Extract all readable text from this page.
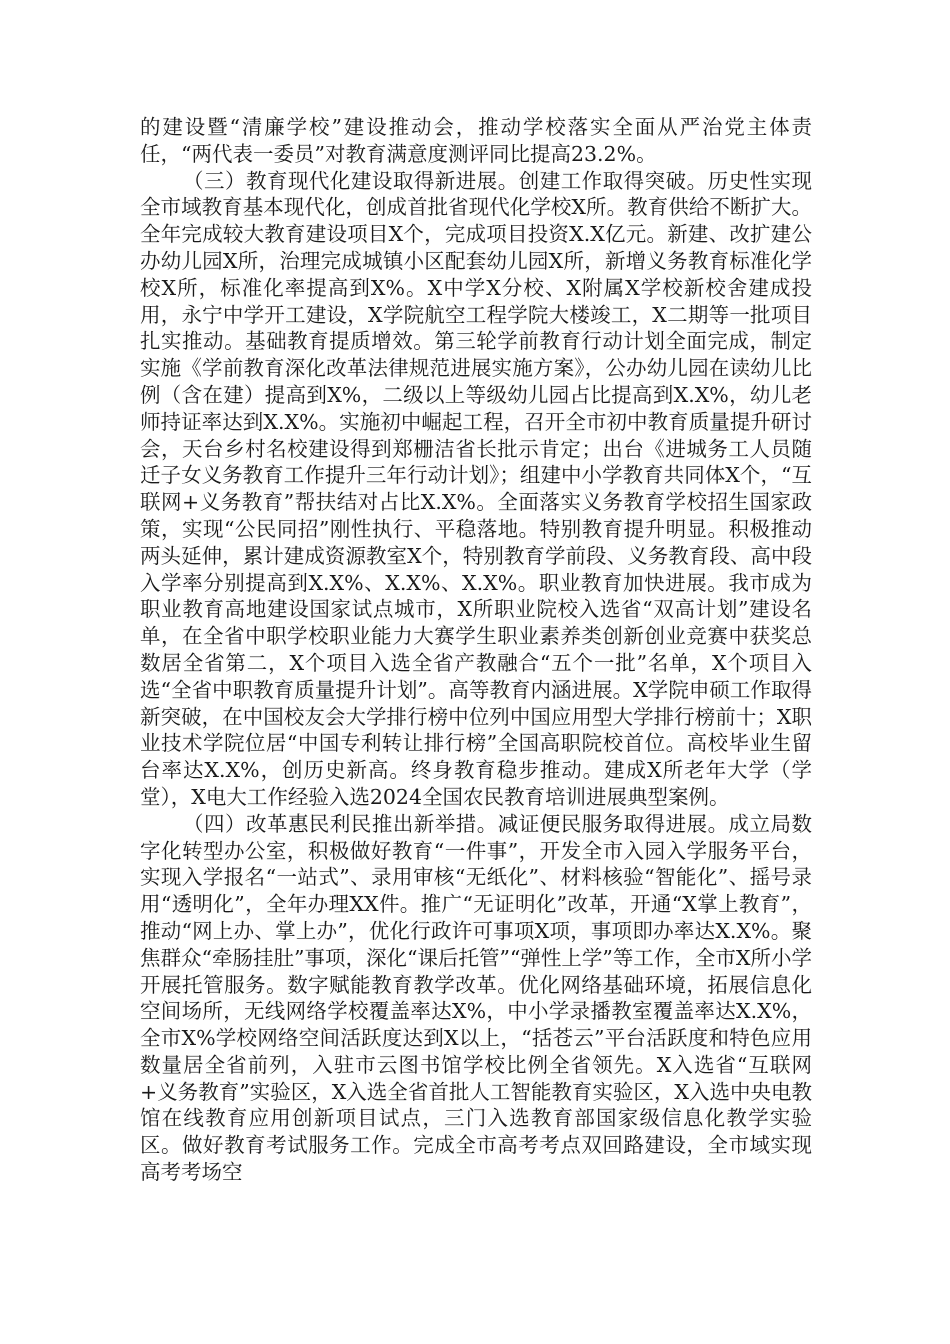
的建设暨“清廉学校”建设推动会，推动学校落实全面从严治党主体责任，“两代表一委员”对教育满意度测评同比提高23.2%。

（三）教育现代化建设取得新进展。创建工作取得突破。历史性实现全市域教育基本现代化，创成首批省现代化学校X所。教育供给不断扩大。全年完成较大教育建设项目X个，完成项目投资X.X亿元。新建、改扩建公办幼儿园X所，治理完成城镇小区配套幼儿园X所，新增义务教育标准化学校X所，标准化率提高到X%。X中学X分校、X附属X学校新校舍建成投用，永宁中学开工建设，X学院航空工程学院大楼竣工，X二期等一批项目扎实推动。基础教育提质增效。第三轮学前教育行动计划全面完成，制定实施《学前教育深化改革法律规范进展实施方案》，公办幼儿园在读幼儿比例（含在建）提高到X%，二级以上等级幼儿园占比提高到X.X%，幼儿老师持证率达到X.X%。实施初中崛起工程，召开全市初中教育质量提升研讨会，天台乡村名校建设得到郑栅洁省长批示肯定；出台《进城务工人员随迁子女义务教育工作提升三年行动计划》；组建中小学教育共同体X个，“互联网+义务教育”帮扶结对占比X.X%。全面落实义务教育学校招生国家政策，实现“公民同招”刚性执行、平稳落地。特别教育提升明显。积极推动两头延伸，累计建成资源教室X个，特别教育学前段、义务教育段、高中段入学率分别提高到X.X%、X.X%、X.X%。职业教育加快进展。我市成为职业教育高地建设国家试点城市，X所职业院校入选省“双高计划”建设名单，在全省中职学校职业能力大赛学生职业素养类创新创业竞赛中获奖总数居全省第二，X个项目入选全省产教融合“五个一批”名单，X个项目入选“全省中职教育质量提升计划”。高等教育内涵进展。X学院申硕工作取得新突破，在中国校友会大学排行榜中位列中国应用型大学排行榜前十；X职业技术学院位居“中国专利转让排行榜”全国高职院校首位。高校毕业生留台率达X.X%，创历史新高。终身教育稳步推动。建成X所老年大学（学堂），X电大工作经验入选2024全国农民教育培训进展典型案例。

（四）改革惠民利民推出新举措。减证便民服务取得进展。成立局数字化转型办公室，积极做好教育“一件事”，开发全市入园入学服务平台，实现入学报名“一站式”、录用审核“无纸化”、材料核验“智能化”、摇号录用“透明化”，全年办理XX件。推广“无证明化”改革，开通“X掌上教育”，推动“网上办、掌上办”，优化行政许可事项X项，事项即办率达X.X%。聚焦群众“牵肠挂肚”事项，深化“课后托管”“弹性上学”等工作，全市X所小学开展托管服务。数字赋能教育教学改革。优化网络基础环境，拓展信息化空间场所，无线网络学校覆盖率达X%，中小学录播教室覆盖率达X.X%，全市X%学校网络空间活跃度达到X以上，“括苍云”平台活跃度和特色应用数量居全省前列，入驻市云图书馆学校比例全省领先。X入选省“互联网+义务教育”实验区，X入选全省首批人工智能教育实验区，X入选中央电教馆在线教育应用创新项目试点，三门入选教育部国家级信息化教学实验区。做好教育考试服务工作。完成全市高考考点双回路建设，全市域实现高考考场空
